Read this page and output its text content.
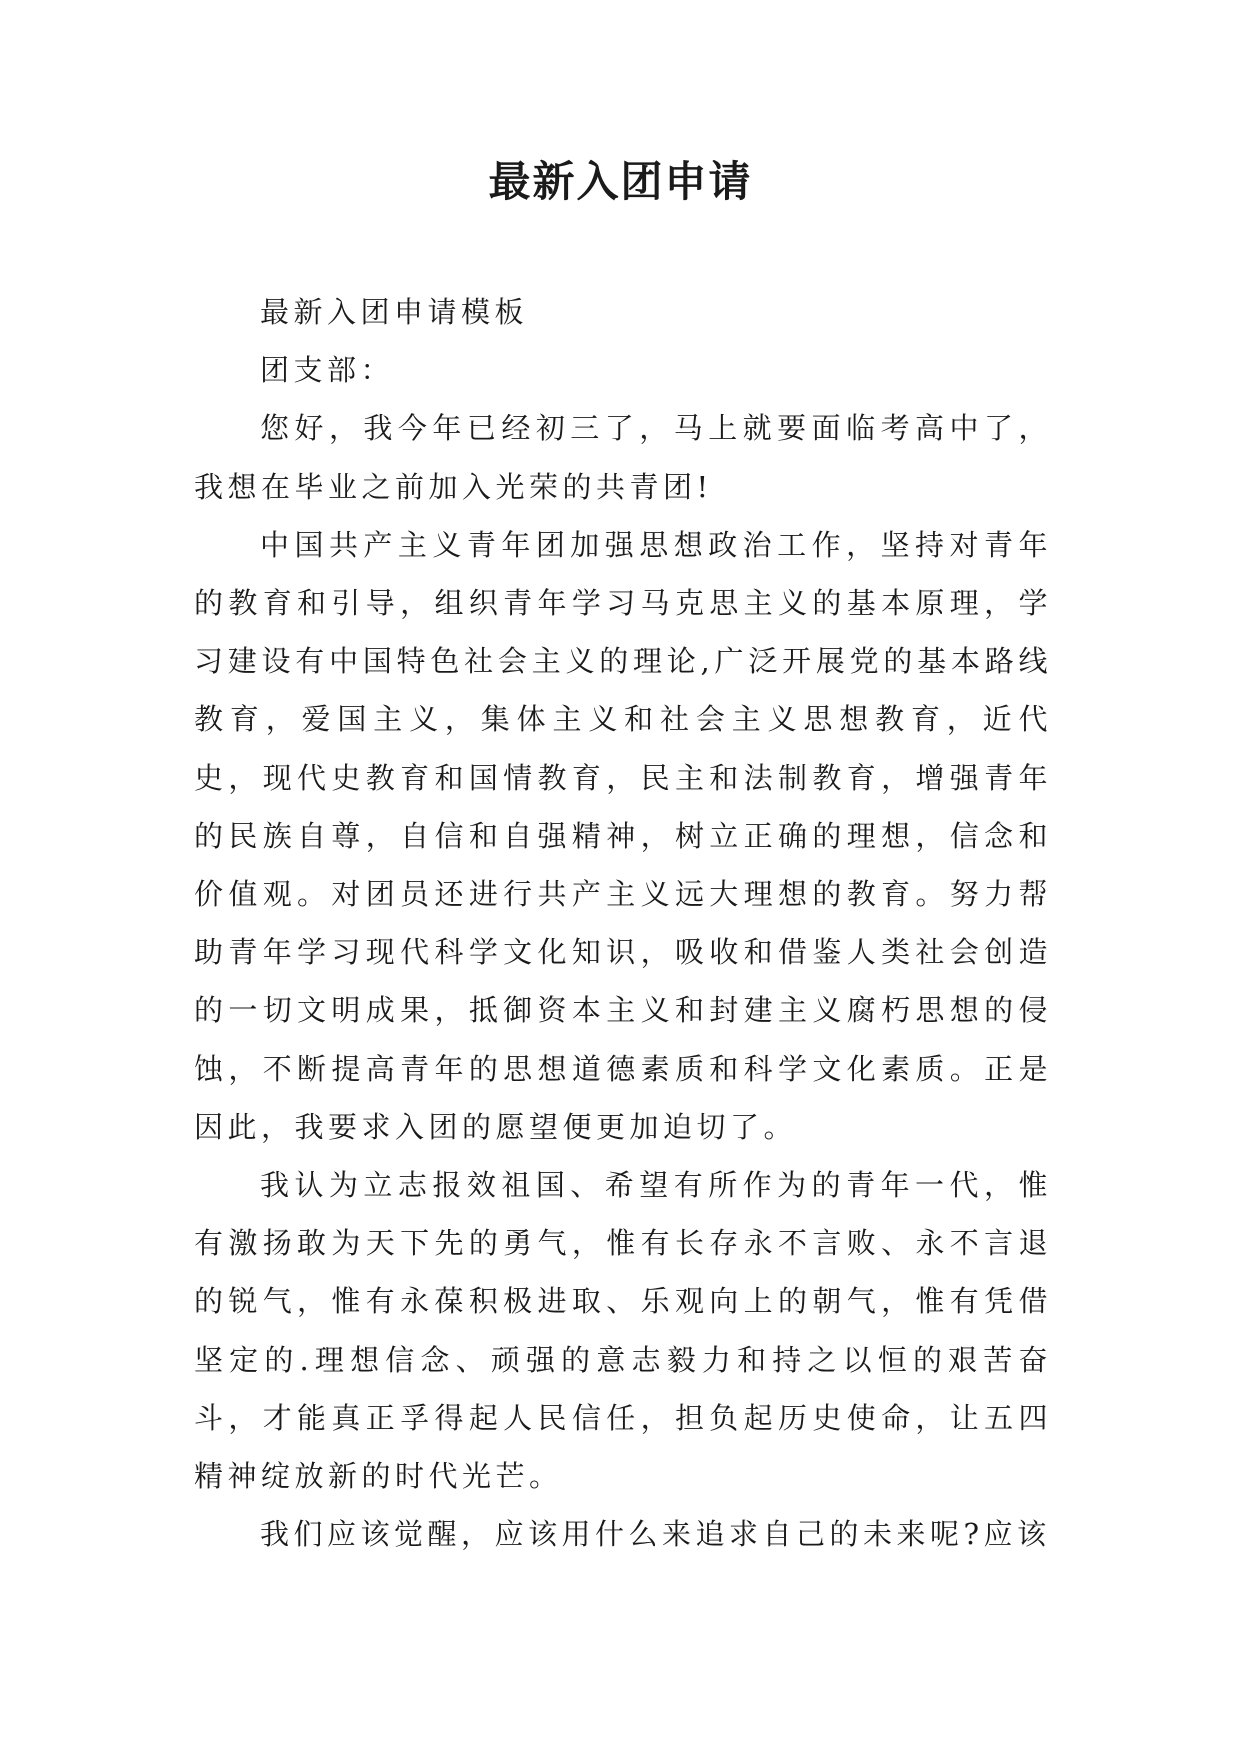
最新入团申请

最新入团申请模板

团支部：

您好，我今年已经初三了，马上就要面临考高中了，我想在毕业之前加入光荣的共青团!

中国共产主义青年团加强思想政治工作，坚持对青年的教育和引导，组织青年学习马克思主义的基本原理，学习建设有中国特色社会主义的理论,广泛开展党的基本路线教育，爱国主义，集体主义和社会主义思想教育，近代史，现代史教育和国情教育，民主和法制教育，增强青年的民族自尊，自信和自强精神，树立正确的理想，信念和价值观。对团员还进行共产主义远大理想的教育。努力帮助青年学习现代科学文化知识，吸收和借鉴人类社会创造的一切文明成果，抵御资本主义和封建主义腐朽思想的侵蚀，不断提高青年的思想道德素质和科学文化素质。正是因此，我要求入团的愿望便更加迫切了。

我认为立志报效祖国、希望有所作为的青年一代，惟有激扬敢为天下先的勇气，惟有长存永不言败、永不言退的锐气，惟有永葆积极进取、乐观向上的朝气，惟有凭借坚定的.理想信念、顽强的意志毅力和持之以恒的艰苦奋斗，才能真正孚得起人民信任，担负起历史使命，让五四精神绽放新的时代光芒。

我们应该觉醒，应该用什么来追求自己的未来呢?应该
